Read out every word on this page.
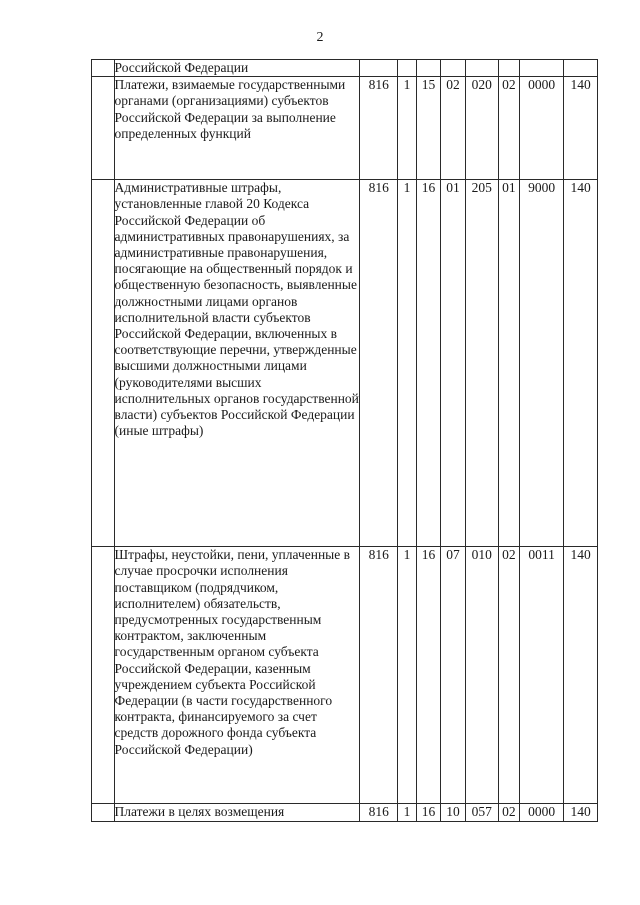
2
	Российской Федерации								
	Платежи, взимаемые государственными органами (организациями) субъектов Российской Федерации за выполнение определенных функций	816	1	15	02	020	02	0000	140
	Административные штрафы, установленные главой 20 Кодекса Российской Федерации об административных правонарушениях, за административные правонарушения, посягающие на общественный порядок и общественную безопасность, выявленные должностными лицами органов исполнительной власти субъектов Российской Федерации, включенных в соответствующие перечни, утвержденные высшими должностными лицами (руководителями высших исполнительных органов государственной власти) субъектов Российской Федерации (иные штрафы)	816	1	16	01	205	01	9000	140
	Штрафы, неустойки, пени, уплаченные в случае просрочки исполнения поставщиком (подрядчиком, исполнителем) обязательств, предусмотренных государственным контрактом, заключенным государственным органом субъекта Российской Федерации, казенным учреждением субъекта Российской Федерации (в части государственного контракта, финансируемого за счет средств дорожного фонда субъекта Российской Федерации)	816	1	16	07	010	02	0011	140
	Платежи в целях возмещения	816	1	16	10	057	02	0000	140
